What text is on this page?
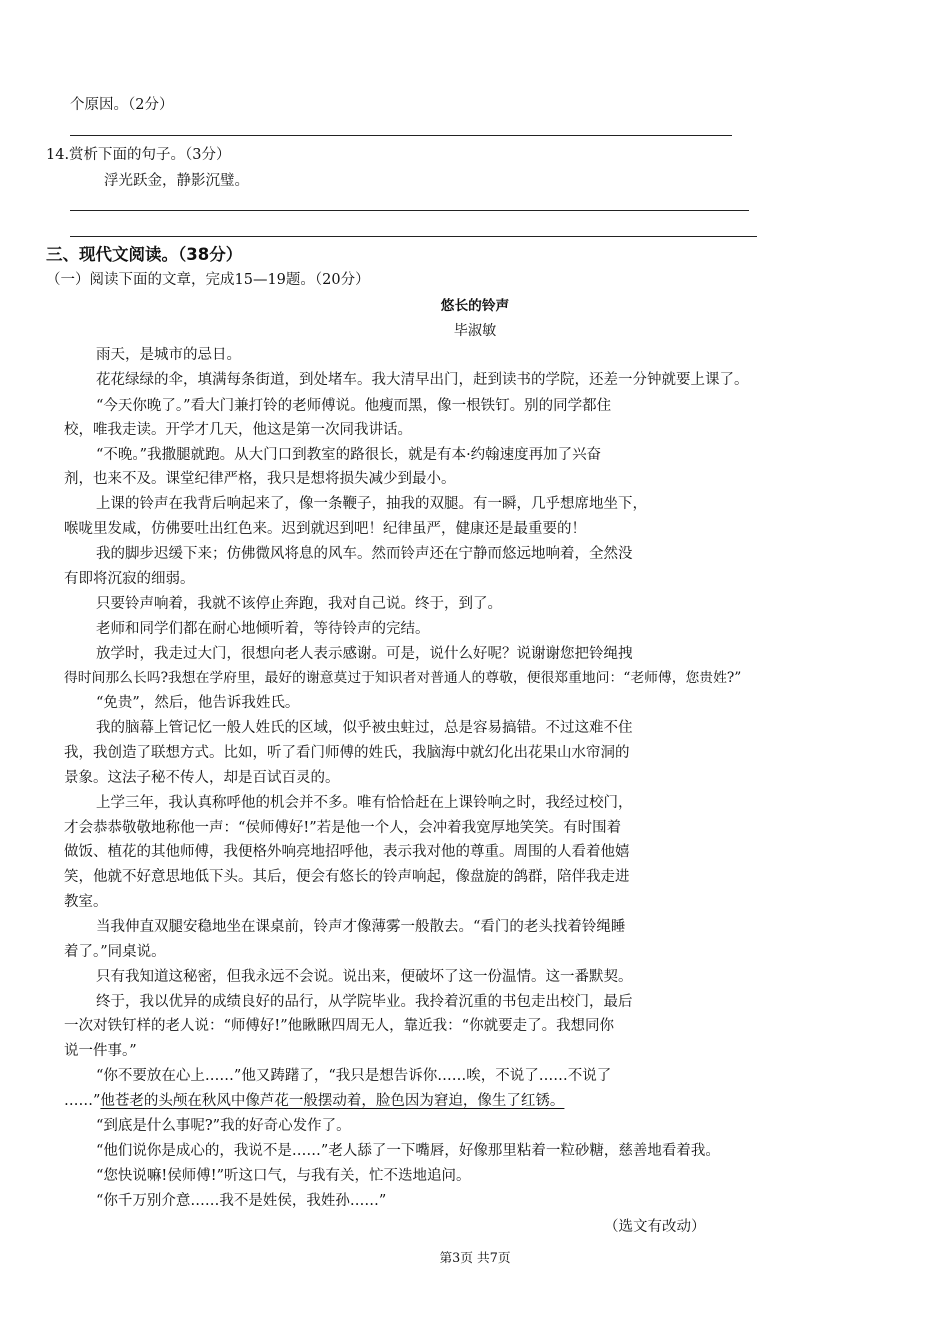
个原因。（2分）
14.赏析下面的句子。（3分）
浮光跃金，静影沉璧。
三、现代文阅读。（38分）
（一）阅读下面的文章，完成15—19题。（20分）
悠长的铃声
毕淑敏
雨天，是城市的忌日。
花花绿绿的伞，填满每条街道，到处堵车。我大清早出门，赶到读书的学院，还差一分钟就要上课了。
“今天你晚了。”看大门兼打铃的老师傅说。他瘦而黑，像一根铁钉。别的同学都住
校，唯我走读。开学才几天，他这是第一次同我讲话。
“不晚。”我撒腿就跑。从大门口到教室的路很长，就是有本·约翰速度再加了兴奋
剂，也来不及。课堂纪律严格，我只是想将损失减少到最小。
上课的铃声在我背后响起来了，像一条鞭子，抽我的双腿。有一瞬，几乎想席地坐下，
喉咙里发咸，仿佛要吐出红色来。迟到就迟到吧！纪律虽严，健康还是最重要的！
我的脚步迟缓下来；仿佛微风将息的风车。然而铃声还在宁静而悠远地响着，全然没
有即将沉寂的细弱。
只要铃声响着，我就不该停止奔跑，我对自己说。终于，到了。
老师和同学们都在耐心地倾听着，等待铃声的完结。
放学时，我走过大门，很想向老人表示感谢。可是，说什么好呢？说谢谢您把铃绳拽
得时间那么长吗?我想在学府里，最好的谢意莫过于知识者对普通人的尊敬，便很郑重地问：“老师傅，您贵姓?”
“免贵”，然后，他告诉我姓氏。
我的脑幕上管记忆一般人姓氏的区域，似乎被虫蛀过，总是容易搞错。不过这难不住
我，我创造了联想方式。比如，听了看门师傅的姓氏，我脑海中就幻化出花果山水帘洞的
景象。这法子秘不传人，却是百试百灵的。
上学三年，我认真称呼他的机会并不多。唯有恰恰赶在上课铃响之时，我经过校门，
才会恭恭敬敬地称他一声：“侯师傅好!”若是他一个人，会冲着我宽厚地笑笑。有时围着
做饭、植花的其他师傅，我便格外响亮地招呼他，表示我对他的尊重。周围的人看着他嬉
笑，他就不好意思地低下头。其后，便会有悠长的铃声响起，像盘旋的鸽群，陪伴我走进
教室。
当我伸直双腿安稳地坐在课桌前，铃声才像薄雾一般散去。“看门的老头找着铃绳睡
着了。”同桌说。
只有我知道这秘密，但我永远不会说。说出来，便破坏了这一份温情。这一番默契。
终于，我以优异的成绩良好的品行，从学院毕业。我拎着沉重的书包走出校门，最后
一次对铁钉样的老人说：“师傅好!”他瞅瞅四周无人，靠近我：“你就要走了。我想同你
说一件事。”
“你不要放在心上……”他又踌躇了，“我只是想告诉你……唉，不说了……不说了
……”他苍老的头颅在秋风中像芦花一般摆动着，脸色因为窘迫，像生了红锈。
“到底是什么事呢?”我的好奇心发作了。
“他们说你是成心的，我说不是……”老人舔了一下嘴唇，好像那里粘着一粒砂糖，慈善地看着我。
“您快说嘛!侯师傅!”听这口气，与我有关，忙不迭地追问。
“你千万别介意……我不是姓侯，我姓孙……”
（选文有改动）
第3页 共7页
